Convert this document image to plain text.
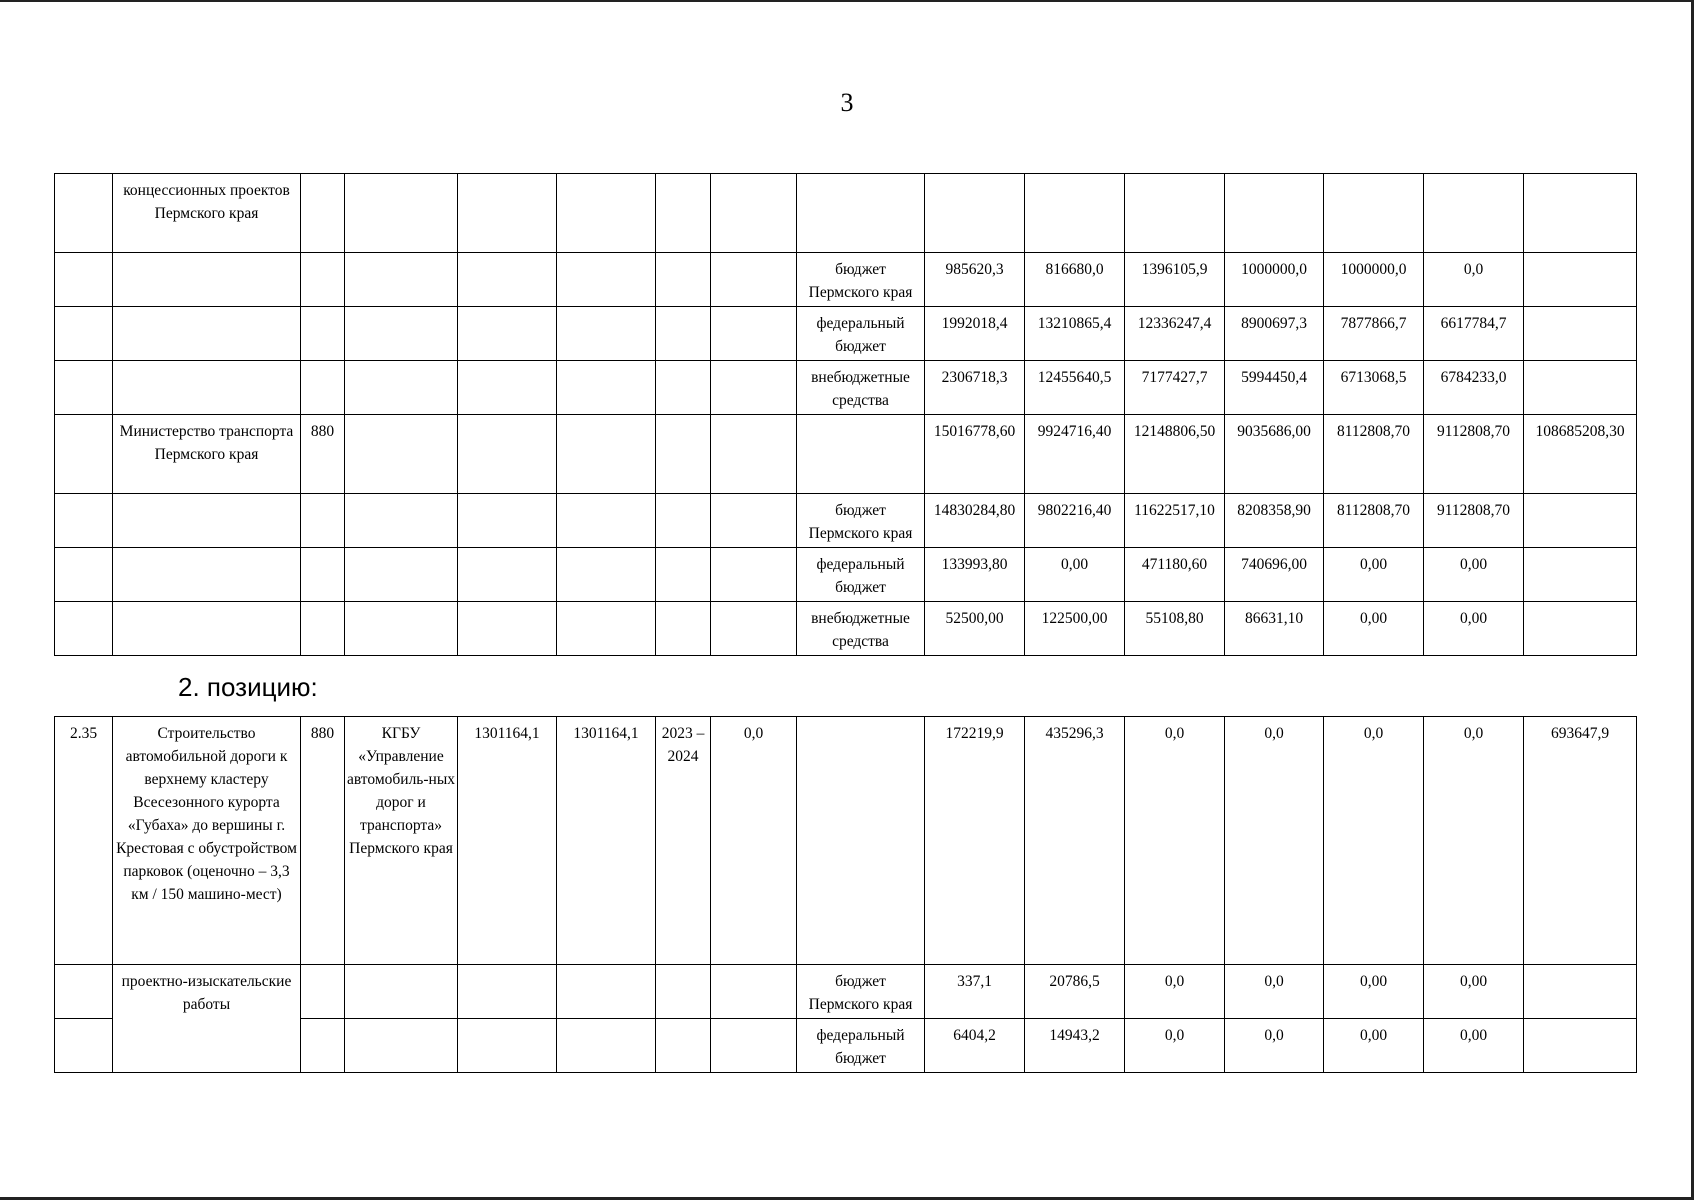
3
	концессионных проектов Пермского края														
								бюджет Пермского края	985620,3	816680,0	1396105,9	1000000,0	1000000,0	0,0	
								федеральный бюджет	1992018,4	13210865,4	12336247,4	8900697,3	7877866,7	6617784,7	
								внебюджетные средства	2306718,3	12455640,5	7177427,7	5994450,4	6713068,5	6784233,0	
	Министерство транспорта Пермского края	880							15016778,60	9924716,40	12148806,50	9035686,00	8112808,70	9112808,70	108685208,30
								бюджет Пермского края	14830284,80	9802216,40	11622517,10	8208358,90	8112808,70	9112808,70	
								федеральный бюджет	133993,80	0,00	471180,60	740696,00	0,00	0,00	
								внебюджетные средства	52500,00	122500,00	55108,80	86631,10	0,00	0,00	
2. позицию:
2.35	Строительство автомобильной дороги к верхнему кластеру Всесезонного курорта «Губаха» до вершины г. Крестовая с обустройством парковок (оценочно – 3,3 км / 150 машино-мест)	880	КГБУ «Управление автомобиль-ных дорог и транспорта» Пермского края	1301164,1	1301164,1	2023 – 2024	0,0		172219,9	435296,3	0,0	0,0	0,0	0,0	693647,9
	проектно-изыскательские работы							бюджет Пермского края	337,1	20786,5	0,0	0,0	0,00	0,00	
								федеральный бюджет	6404,2	14943,2	0,0	0,0	0,00	0,00	
